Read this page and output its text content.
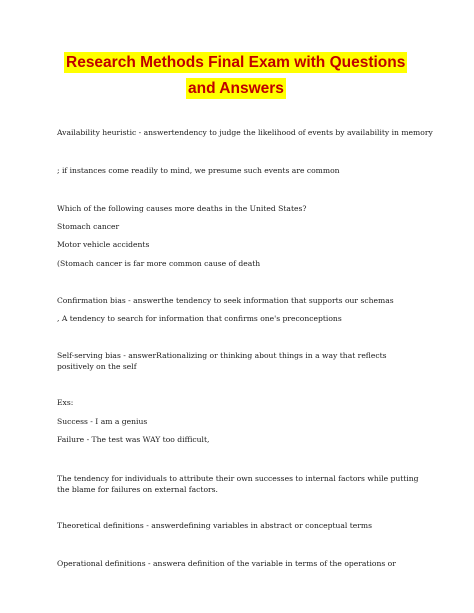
Research Methods Final Exam with Questions
and Answers
Availability heuristic - answertendency to judge the likelihood of events by availability in memory
; if instances come readily to mind, we presume such events are common
Which of the following causes more deaths in the United States?
Stomach cancer
Motor vehicle accidents
(Stomach cancer is far more common cause of death
Confirmation bias - answerthe tendency to seek information that supports our schemas
, A tendency to search for information that confirms one's preconceptions
Self-serving bias - answerRationalizing or thinking about things in a way that reflects positively on the self
Exs:
Success - I am a genius
Failure - The test was WAY too difficult,
The tendency for individuals to attribute their own successes to internal factors while putting the blame for failures on external factors.
Theoretical definitions - answerdefining variables in abstract or conceptual terms
Operational definitions - answera definition of the variable in terms of the operations or
